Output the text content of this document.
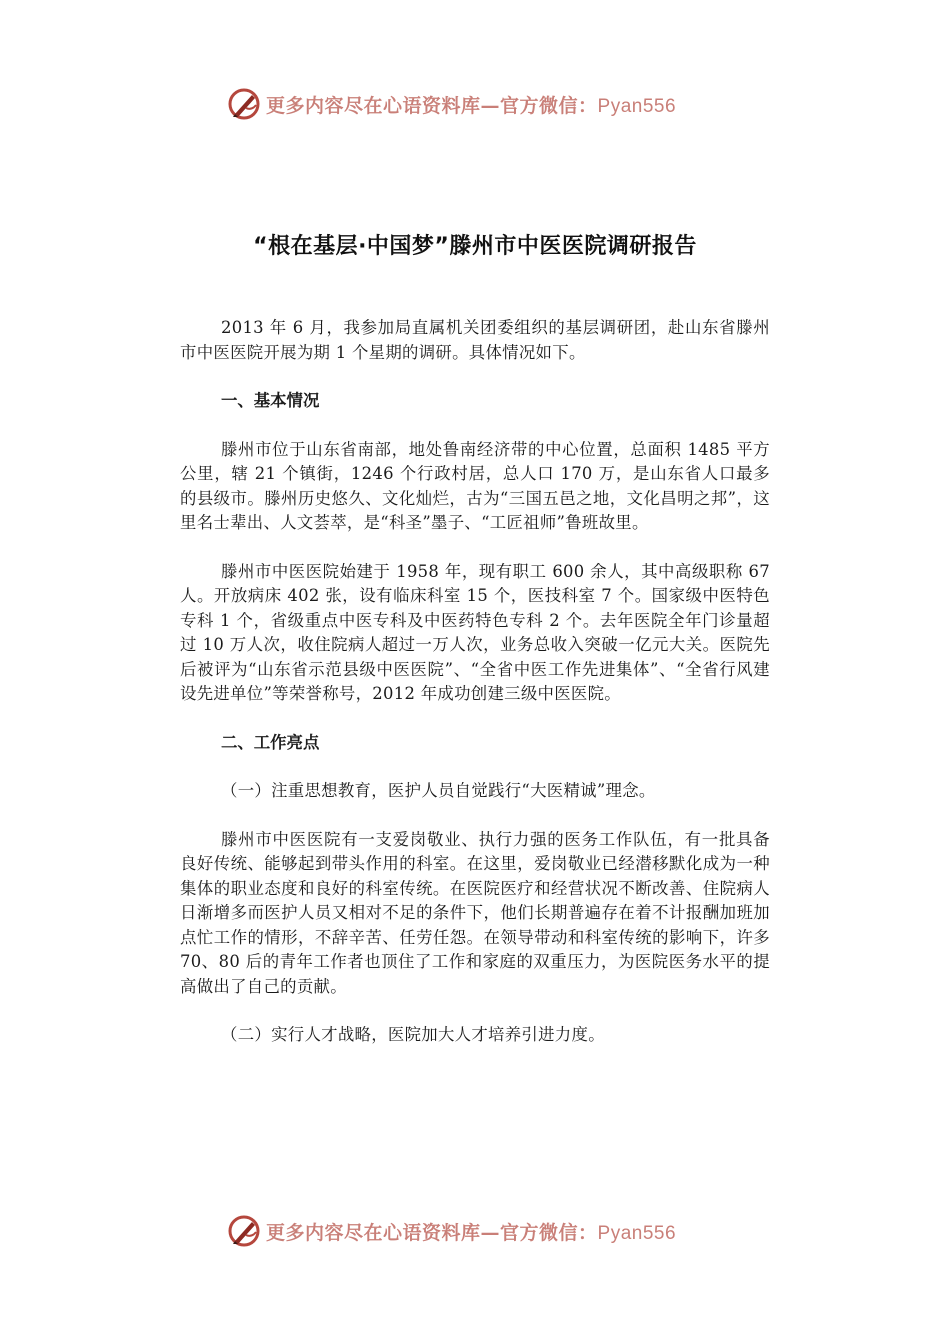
更多内容尽在心语资料库—官方微信：Pyan556
“根在基层·中国梦”滕州市中医医院调研报告

2013 年 6 月，我参加局直属机关团委组织的基层调研团，赴山东省滕州市中医医院开展为期 1 个星期的调研。具体情况如下。

一、基本情况

滕州市位于山东省南部，地处鲁南经济带的中心位置，总面积 1485 平方公里，辖 21 个镇街，1246 个行政村居，总人口 170 万，是山东省人口最多的县级市。滕州历史悠久、文化灿烂，古为“三国五邑之地，文化昌明之邦”，这里名士辈出、人文荟萃，是“科圣”墨子、“工匠祖师”鲁班故里。

滕州市中医医院始建于 1958 年，现有职工 600 余人，其中高级职称 67 人。开放病床 402 张，设有临床科室 15 个，医技科室 7 个。国家级中医特色专科 1 个，省级重点中医专科及中医药特色专科 2 个。去年医院全年门诊量超过 10 万人次，收住院病人超过一万人次，业务总收入突破一亿元大关。医院先后被评为“山东省示范县级中医医院”、“全省中医工作先进集体”、“全省行风建设先进单位”等荣誉称号，2012 年成功创建三级中医医院。

二、工作亮点

（一）注重思想教育，医护人员自觉践行“大医精诚”理念。

滕州市中医医院有一支爱岗敬业、执行力强的医务工作队伍，有一批具备良好传统、能够起到带头作用的科室。在这里，爱岗敬业已经潜移默化成为一种集体的职业态度和良好的科室传统。在医院医疗和经营状况不断改善、住院病人日渐增多而医护人员又相对不足的条件下，他们长期普遍存在着不计报酬加班加点忙工作的情形，不辞辛苦、任劳任怨。在领导带动和科室传统的影响下，许多 70、80 后的青年工作者也顶住了工作和家庭的双重压力，为医院医务水平的提高做出了自己的贡献。

（二）实行人才战略，医院加大人才培养引进力度。

更多内容尽在心语资料库—官方微信：Pyan556
